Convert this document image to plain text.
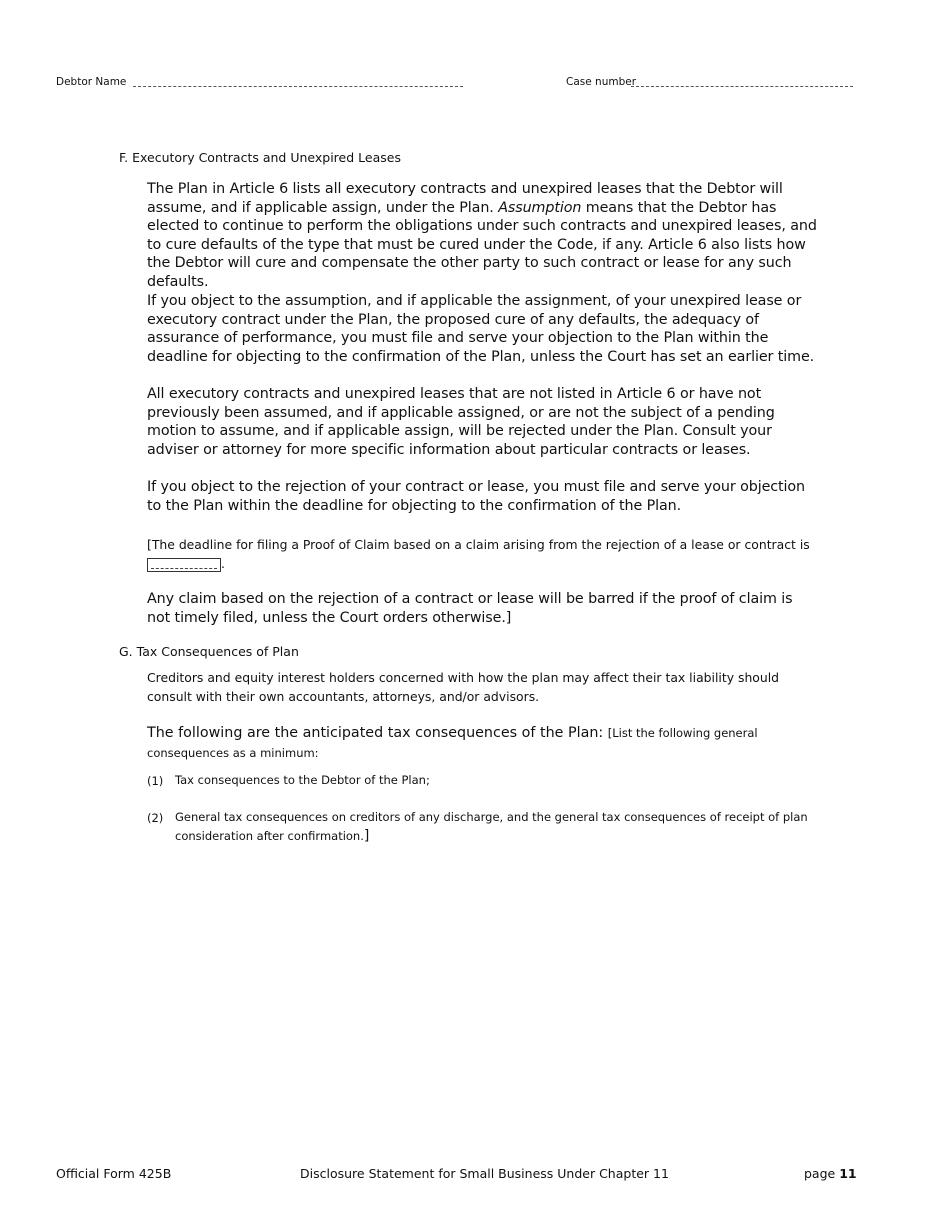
Debtor Name	Case number
F. Executory Contracts and Unexpired Leases

The Plan in Article 6 lists all executory contracts and unexpired leases that the Debtor will assume, and if applicable assign, under the Plan. Assumption means that the Debtor has elected to continue to perform the obligations under such contracts and unexpired leases, and to cure defaults of the type that must be cured under the Code, if any. Article 6 also lists how the Debtor will cure and compensate the other party to such contract or lease for any such defaults.

If you object to the assumption, and if applicable the assignment, of your unexpired lease or executory contract under the Plan, the proposed cure of any defaults, the adequacy of assurance of performance, you must file and serve your objection to the Plan within the deadline for objecting to the confirmation of the Plan, unless the Court has set an earlier time.
All executory contracts and unexpired leases that are not listed in Article 6 or have not previously been assumed, and if applicable assigned, or are not the subject of a pending motion to assume, and if applicable assign, will be rejected under the Plan. Consult your adviser or attorney for more specific information about particular contracts or leases.
If you object to the rejection of your contract or lease, you must file and serve your objection to the Plan within the deadline for objecting to the confirmation of the Plan.
[The deadline for filing a Proof of Claim based on a claim arising from the rejection of a lease or contract is
.
Any claim based on the rejection of a contract or lease will be barred if the proof of claim is not timely filed, unless the Court orders otherwise.]
G. Tax Consequences of Plan
Creditors and equity interest holders concerned with how the plan may affect their tax liability should consult with their own accountants, attorneys, and/or advisors.
The following are the anticipated tax consequences of the Plan: [List the following general consequences as a minimum:
(1) Tax consequences to the Debtor of the Plan;
(2) General tax consequences on creditors of any discharge, and the general tax consequences of receipt of plan consideration after confirmation.]
Official Form 425B	Disclosure Statement for Small Business Under Chapter 11	page 11
